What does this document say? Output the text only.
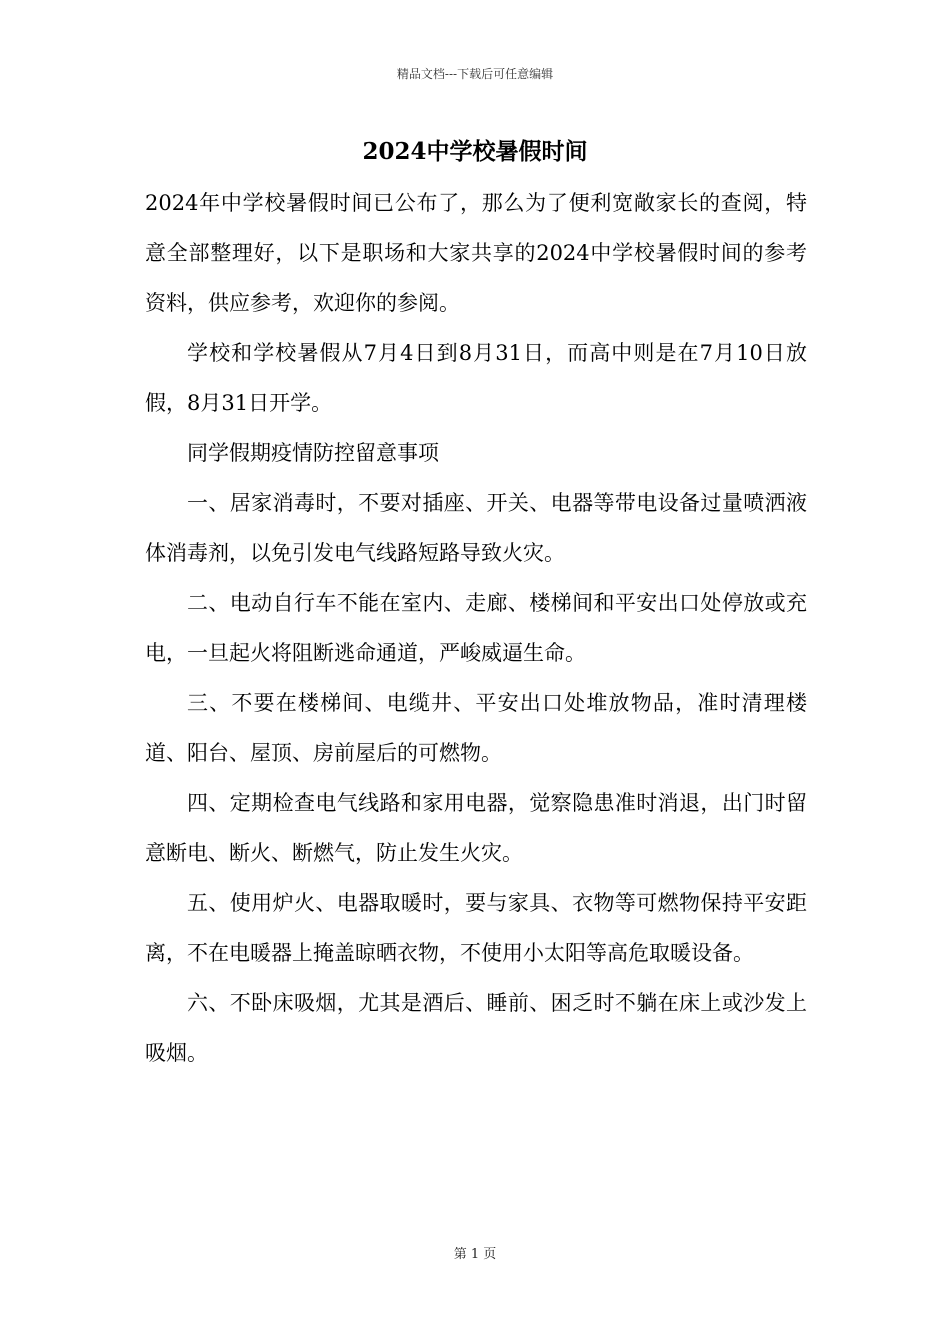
精品文档---下载后可任意编辑
2024中学校暑假时间

2024年中学校暑假时间已公布了，那么为了便利宽敞家长的查阅，特意全部整理好，以下是职场和大家共享的2024中学校暑假时间的参考资料，供应参考，欢迎你的参阅。

学校和学校暑假从7月4日到8月31日，而高中则是在7月10日放假，8月31日开学。

同学假期疫情防控留意事项

一、居家消毒时，不要对插座、开关、电器等带电设备过量喷洒液体消毒剂，以免引发电气线路短路导致火灾。

二、电动自行车不能在室内、走廊、楼梯间和平安出口处停放或充电，一旦起火将阻断逃命通道，严峻威逼生命。

三、不要在楼梯间、电缆井、平安出口处堆放物品，准时清理楼道、阳台、屋顶、房前屋后的可燃物。

四、定期检查电气线路和家用电器，觉察隐患准时消退，出门时留意断电、断火、断燃气，防止发生火灾。

五、使用炉火、电器取暖时，要与家具、衣物等可燃物保持平安距离，不在电暖器上掩盖晾晒衣物，不使用小太阳等高危取暖设备。

六、不卧床吸烟，尤其是酒后、睡前、困乏时不躺在床上或沙发上吸烟。

第 1 页
